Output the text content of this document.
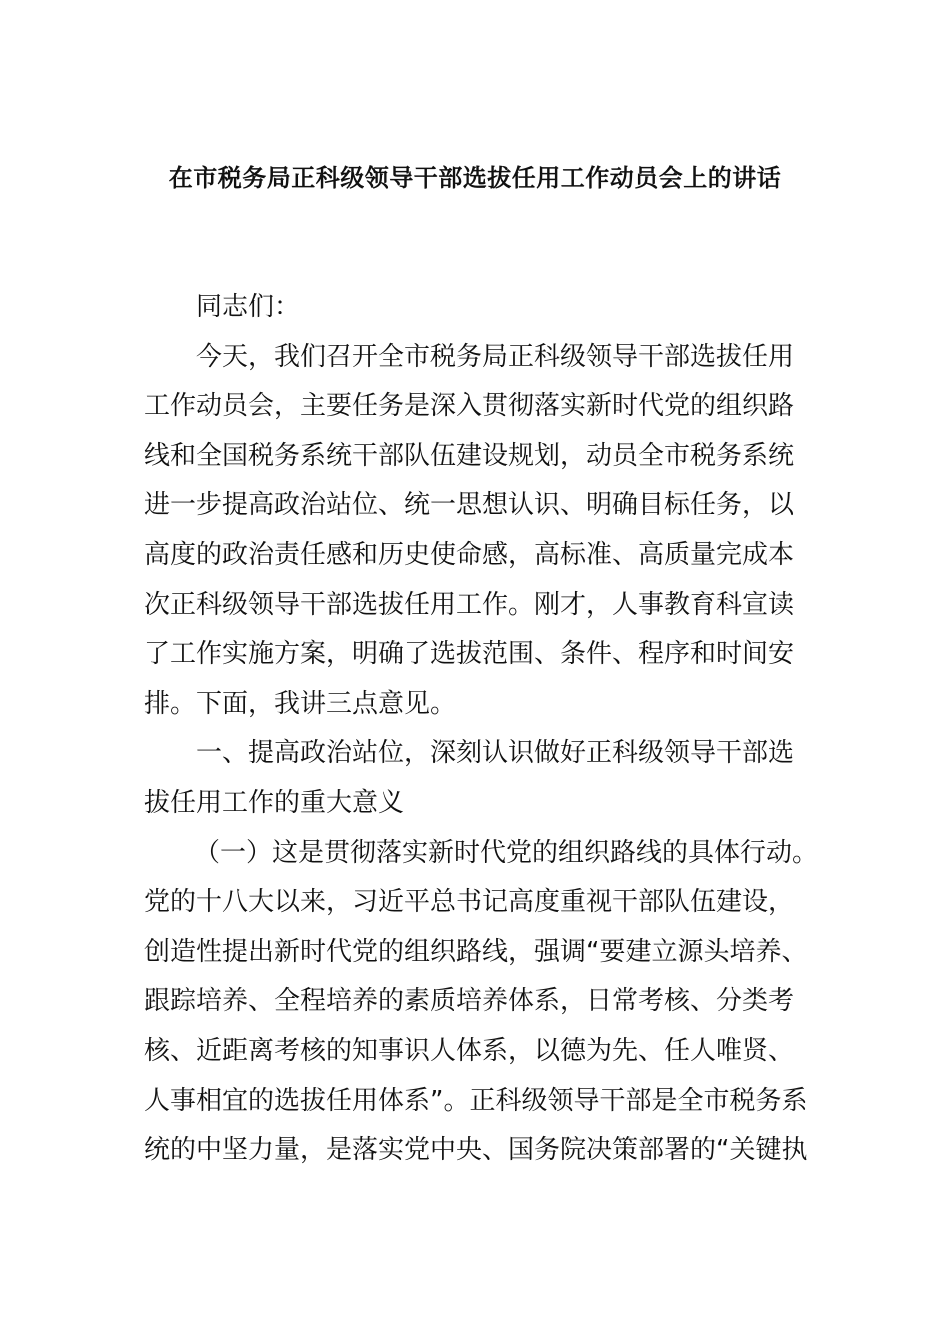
在市税务局正科级领导干部选拔任用工作动员会上的讲话
同志们：
今天，我们召开全市税务局正科级领导干部选拔任用
工作动员会，主要任务是深入贯彻落实新时代党的组织路
线和全国税务系统干部队伍建设规划，动员全市税务系统
进一步提高政治站位、统一思想认识、明确目标任务，以
高度的政治责任感和历史使命感，高标准、高质量完成本
次正科级领导干部选拔任用工作。刚才，人事教育科宣读
了工作实施方案，明确了选拔范围、条件、程序和时间安
排。下面，我讲三点意见。
一、提高政治站位，深刻认识做好正科级领导干部选
拔任用工作的重大意义
（一）这是贯彻落实新时代党的组织路线的具体行动。
党的十八大以来，习近平总书记高度重视干部队伍建设，
创造性提出新时代党的组织路线，强调“要建立源头培养、
跟踪培养、全程培养的素质培养体系，日常考核、分类考
核、近距离考核的知事识人体系，以德为先、任人唯贤、
人事相宜的选拔任用体系”。正科级领导干部是全市税务系
统的中坚力量，是落实党中央、国务院决策部署的“关键执
